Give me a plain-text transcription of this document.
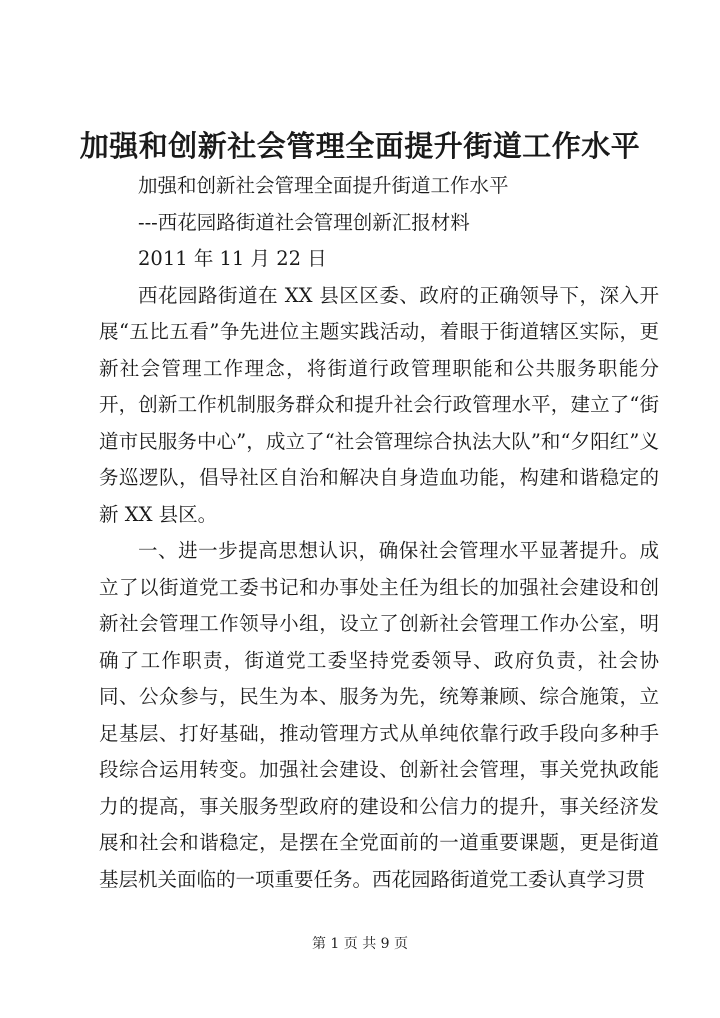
加强和创新社会管理全面提升街道工作水平

加强和创新社会管理全面提升街道工作水平

---西花园路街道社会管理创新汇报材料

2011 年 11 月 22 日

西花园路街道在 XX 县区区委、政府的正确领导下，深入开展“五比五看”争先进位主题实践活动，着眼于街道辖区实际，更新社会管理工作理念，将街道行政管理职能和公共服务职能分开，创新工作机制服务群众和提升社会行政管理水平，建立了“街道市民服务中心”，成立了“社会管理综合执法大队”和“夕阳红”义务巡逻队，倡导社区自治和解决自身造血功能，构建和谐稳定的新 XX 县区。

一、进一步提高思想认识，确保社会管理水平显著提升。成立了以街道党工委书记和办事处主任为组长的加强社会建设和创新社会管理工作领导小组，设立了创新社会管理工作办公室，明确了工作职责，街道党工委坚持党委领导、政府负责，社会协同、公众参与，民生为本、服务为先，统筹兼顾、综合施策，立足基层、打好基础，推动管理方式从单纯依靠行政手段向多种手段综合运用转变。加强社会建设、创新社会管理，事关党执政能力的提高，事关服务型政府的建设和公信力的提升，事关经济发展和社会和谐稳定，是摆在全党面前的一道重要课题，更是街道基层机关面临的一项重要任务。西花园路街道党工委认真学习贯

第 1 页 共 9 页
